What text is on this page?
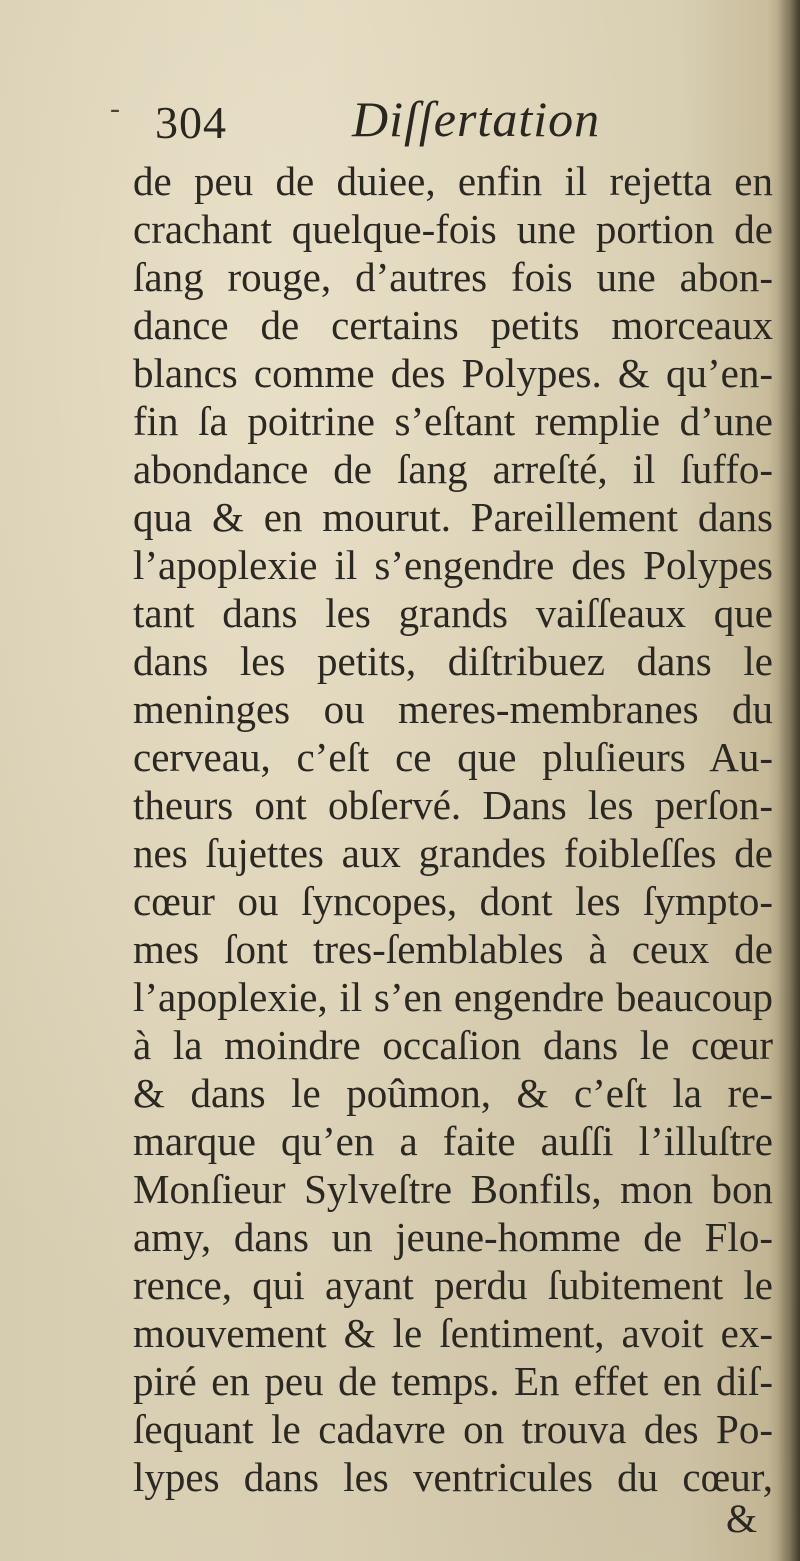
- 304	Diſſertation
de peu de duiee, enfin il rejetta en
crachant quelque-fois une portion de
ſang rouge, d’autres fois une abon-
dance de certains petits morceaux
blancs comme des Polypes. & qu’en-
fin ſa poitrine s’eſtant remplie d’une
abondance de ſang arreſté, il ſuffo-
qua & en mourut. Pareillement dans
l’apoplexie il s’engendre des Polypes
tant dans les grands vaiſſeaux que
dans les petits, diſtribuez dans le
meninges ou meres-membranes du
cerveau, c’eſt ce que pluſieurs Au-
theurs ont obſervé. Dans les perſon-
nes ſujettes aux grandes foibleſſes de
cœur ou ſyncopes, dont les ſympto-
mes ſont tres-ſemblables à ceux de
l’apoplexie, il s’en engendre beaucoup
à la moindre occaſion dans le cœur
& dans le poûmon, & c’eſt la re-
marque qu’en a faite auſſi l’illuſtre
Monſieur Sylveſtre Bonfils, mon bon
amy, dans un jeune-homme de Flo-
rence, qui ayant perdu ſubitement le
mouvement & le ſentiment, avoit ex-
piré en peu de temps. En effet en diſ-
ſequant le cadavre on trouva des Po-
lypes dans les ventricules du cœur,
&
